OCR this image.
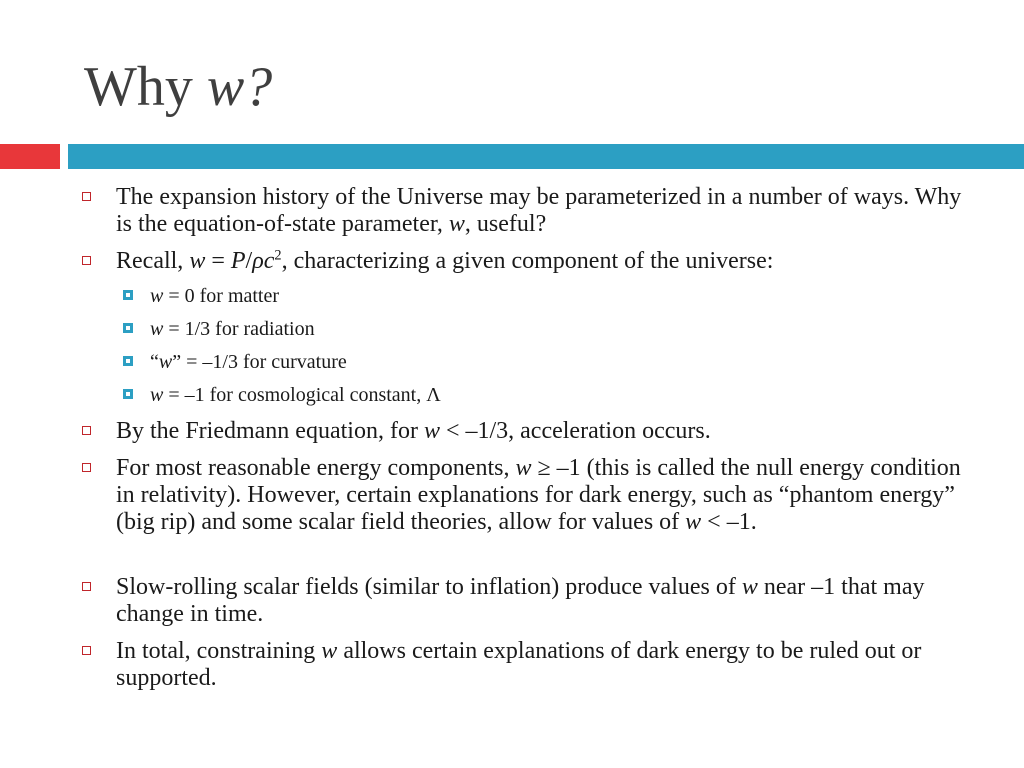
Why w?
The expansion history of the Universe may be parameterized in a number of ways. Why is the equation-of-state parameter, w, useful?
Recall, $w = P/\rho c^2$, characterizing a given component of the universe:
w = 0 for matter
w = 1/3 for radiation
“w” = –1/3 for curvature
w = –1 for cosmological constant, Λ
By the Friedmann equation, for w < –1/3, acceleration occurs.
For most reasonable energy components, w ≥ –1 (this is called the null energy condition in relativity). However, certain explanations for dark energy, such as “phantom energy” (big rip) and some scalar field theories, allow for values of w < –1.
Slow-rolling scalar fields (similar to inflation) produce values of w near –1 that may change in time.
In total, constraining w allows certain explanations of dark energy to be ruled out or supported.
